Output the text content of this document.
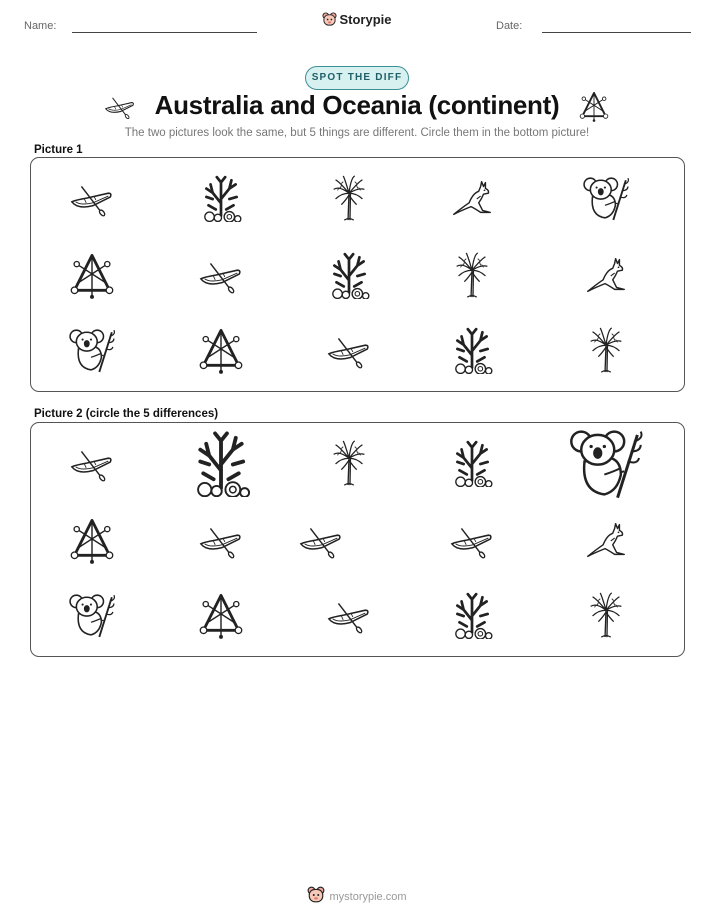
Name:	Storypie	Date:
SPOT THE DIFF
Australia and Oceania (continent)
The two pictures look the same, but 5 things are different. Circle them in the bottom picture!
Picture 1
Picture 2 (circle the 5 differences)
mystorypie.com
